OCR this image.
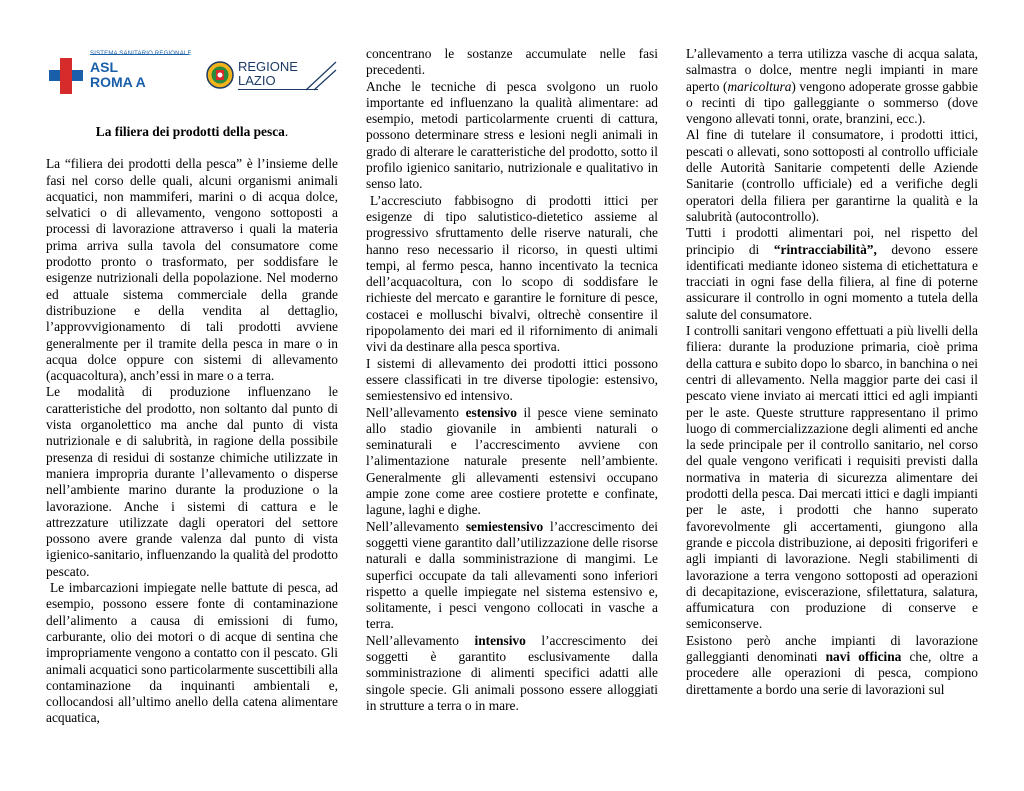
SISTEMA SANITARIO REGIONALE
ASL
ROMA A
REGIONE
LAZIO

La filiera dei prodotti della pesca.

La “filiera dei prodotti della pesca” è l’insieme delle fasi nel corso delle quali, alcuni organismi animali acquatici, non mammiferi, marini o di acqua dolce, selvatici o di allevamento, vengono sottoposti a processi di lavorazione attraverso i quali la materia prima arriva sulla tavola del consumatore come prodotto pronto o trasformato, per soddisfare le esigenze nutrizionali della popolazione. Nel moderno ed attuale sistema commerciale della grande distribuzione e della vendita al dettaglio, l’approvvigionamento di tali prodotti avviene generalmente per il tramite della pesca in mare o in acqua dolce oppure con sistemi di allevamento (acquacoltura), anch’essi in mare o a terra.

Le modalità di produzione influenzano le caratteristiche del prodotto, non soltanto dal punto di vista organolettico ma anche dal punto di vista nutrizionale e di salubrità, in ragione della possibile presenza di residui di sostanze chimiche utilizzate in maniera impropria durante l’allevamento o disperse nell’ambiente marino durante la produzione o la lavorazione. Anche i sistemi di cattura e le attrezzature utilizzate dagli operatori del settore possono avere grande valenza dal punto di vista igienico-sanitario, influenzando la qualità del prodotto pescato.

Le imbarcazioni impiegate nelle battute di pesca, ad esempio, possono essere fonte di contaminazione dell’alimento a causa di emissioni di fumo, carburante, olio dei motori o di acque di sentina che impropriamente vengono a contatto con il pescato. Gli animali acquatici sono particolarmente suscettibili alla contaminazione da inquinanti ambientali e, collocandosi all’ultimo anello della catena alimentare acquatica,

concentrano le sostanze accumulate nelle fasi precedenti.

Anche le tecniche di pesca svolgono un ruolo importante ed influenzano la qualità alimentare: ad esempio, metodi particolarmente cruenti di cattura, possono determinare stress e lesioni negli animali in grado di alterare le caratteristiche del prodotto, sotto il profilo igienico sanitario, nutrizionale e qualitativo in senso lato.

L’accresciuto fabbisogno di prodotti ittici per esigenze di tipo salutistico-dietetico assieme al progressivo sfruttamento delle riserve naturali, che hanno reso necessario il ricorso, in questi ultimi tempi, al fermo pesca, hanno incentivato la tecnica dell’acquacoltura, con lo scopo di soddisfare le richieste del mercato e garantire le forniture di pesce, costacei e molluschi bivalvi, oltrechè consentire il ripopolamento dei mari ed il rifornimento di animali vivi da destinare alla pesca sportiva.

I sistemi di allevamento dei prodotti ittici possono essere classificati in tre diverse tipologie: estensivo, semiestensivo ed intensivo.

Nell’allevamento estensivo il pesce viene seminato allo stadio giovanile in ambienti naturali o seminaturali e l’accrescimento avviene con l’alimentazione naturale presente nell’ambiente. Generalmente gli allevamenti estensivi occupano ampie zone come aree costiere protette e confinate, lagune, laghi e dighe.

Nell’allevamento semiestensivo l’accrescimento dei soggetti viene garantito dall’utilizzazione delle risorse naturali e dalla somministrazione di mangimi. Le superfici occupate da tali allevamenti sono inferiori rispetto a quelle impiegate nel sistema estensivo e, solitamente, i pesci vengono collocati in vasche a terra.

Nell’allevamento intensivo l’accrescimento dei soggetti è garantito esclusivamente dalla somministrazione di alimenti specifici adatti alle singole specie. Gli animali possono essere alloggiati in strutture a terra o in mare.

L’allevamento a terra utilizza vasche di acqua salata, salmastra o dolce, mentre negli impianti in mare aperto (maricoltura) vengono adoperate grosse gabbie o recinti di tipo galleggiante o sommerso (dove vengono allevati tonni, orate, branzini, ecc.).

Al fine di tutelare il consumatore, i prodotti ittici, pescati o allevati, sono sottoposti al controllo ufficiale delle Autorità Sanitarie competenti delle Aziende Sanitarie (controllo ufficiale) ed a verifiche degli operatori della filiera per garantirne la qualità e la salubrità (autocontrollo).

Tutti i prodotti alimentari poi, nel rispetto del principio di “rintracciabilità”, devono essere identificati mediante idoneo sistema di etichettatura e tracciati in ogni fase della filiera, al fine di poterne assicurare il controllo in ogni momento a tutela della salute del consumatore.

I controlli sanitari vengono effettuati a più livelli della filiera: durante la produzione primaria, cioè prima della cattura e subito dopo lo sbarco, in banchina o nei centri di allevamento. Nella maggior parte dei casi il pescato viene inviato ai mercati ittici ed agli impianti per le aste. Queste strutture rappresentano il primo luogo di commercializzazione degli alimenti ed anche la sede principale per il controllo sanitario, nel corso del quale vengono verificati i requisiti previsti dalla normativa in materia di sicurezza alimentare dei prodotti della pesca. Dai mercati ittici e dagli impianti per le aste, i prodotti che hanno superato favorevolmente gli accertamenti, giungono alla grande e piccola distribuzione, ai depositi frigoriferi e agli impianti di lavorazione. Negli stabilimenti di lavorazione a terra vengono sottoposti ad operazioni di decapitazione, eviscerazione, sfilettatura, salatura, affumicatura con produzione di conserve e semiconserve.

Esistono però anche impianti di lavorazione galleggianti denominati navi officina che, oltre a procedere alle operazioni di pesca, compiono direttamente a bordo una serie di lavorazioni sul
